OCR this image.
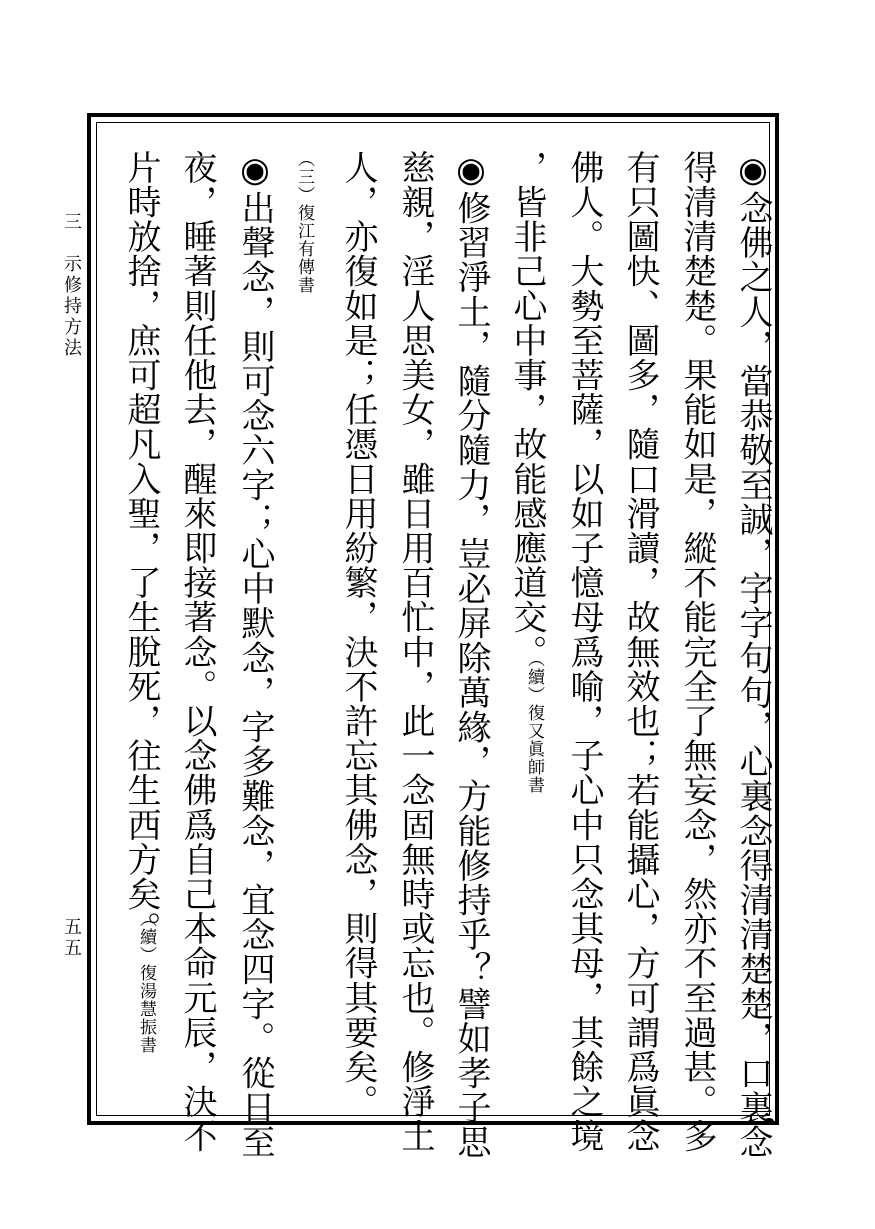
三　示修持方法
五五	◉念佛之人，當恭敬至誠，字字句句，心裏念得清清楚楚，口裏念
得清清楚楚。果能如是，縱不能完全了無妄念，然亦不至過甚。多
有只圖快、圖多，隨口滑讀，故無效也；若能攝心，方可謂爲眞念
佛人。大勢至菩薩，以如子憶母爲喻，子心中只念其母，其餘之境
，皆非己心中事，故能感應道交。
（續）復又眞師書
◉修習淨土，隨分隨力，豈必屏除萬緣，方能修持乎？譬如孝子思
慈親，淫人思美女，雖日用百忙中，此一念固無時或忘也。修淨土
人，亦復如是；任憑日用紛繁，決不許忘其佛念，則得其要矣。
（三）復江有傳書
◉出聲念，則可念六字；心中默念，字多難念，宜念四字。從日至
夜，睡著則任他去，醒來即接著念。以念佛爲自己本命元辰，決不
片時放捨，庶可超凡入聖，了生脫死，往生西方矣。
（續）復湯慧振書
